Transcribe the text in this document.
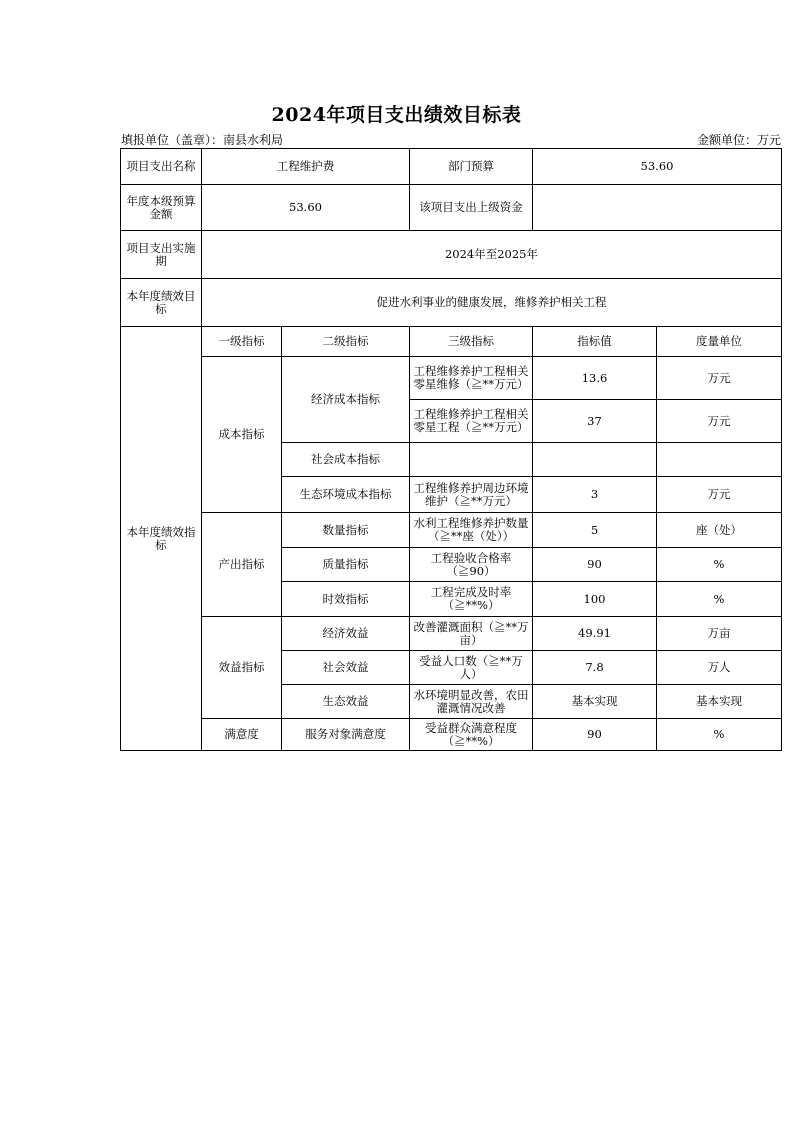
2024年项目支出绩效目标表
填报单位（盖章）：南县水利局	金额单位：万元
项目支出名称	工程维护费		部门预算	53.60	
年度本级预算金额	53.60		该项目支出上级资金		
项目支出实施期	2024年至2025年				
本年度绩效目标	促进水利事业的健康发展，维修养护相关工程				
本年度绩效指标	一级指标	二级指标	三级指标	指标值	度量单位
	成本指标	经济成本指标	工程维修养护工程相关零星维修（≧**万元）	13.6	万元
			工程维修养护工程相关零星工程（≧**万元）	37	万元
		社会成本指标			
		生态环境成本指标	工程维修养护周边环境维护（≧**万元）	3	万元
	产出指标	数量指标	水利工程维修养护数量（≧**座（处））	5	座（处）
		质量指标	工程验收合格率（≧90）	90	%
		时效指标	工程完成及时率（≧**%）	100	%
	效益指标	经济效益	改善灌溉面积（≧**万亩）	49.91	万亩
		社会效益	受益人口数（≧**万人）	7.8	万人
		生态效益	水环境明显改善，农田灌溉情况改善	基本实现	基本实现
	满意度	服务对象满意度	受益群众满意程度（≧**%）	90	%
